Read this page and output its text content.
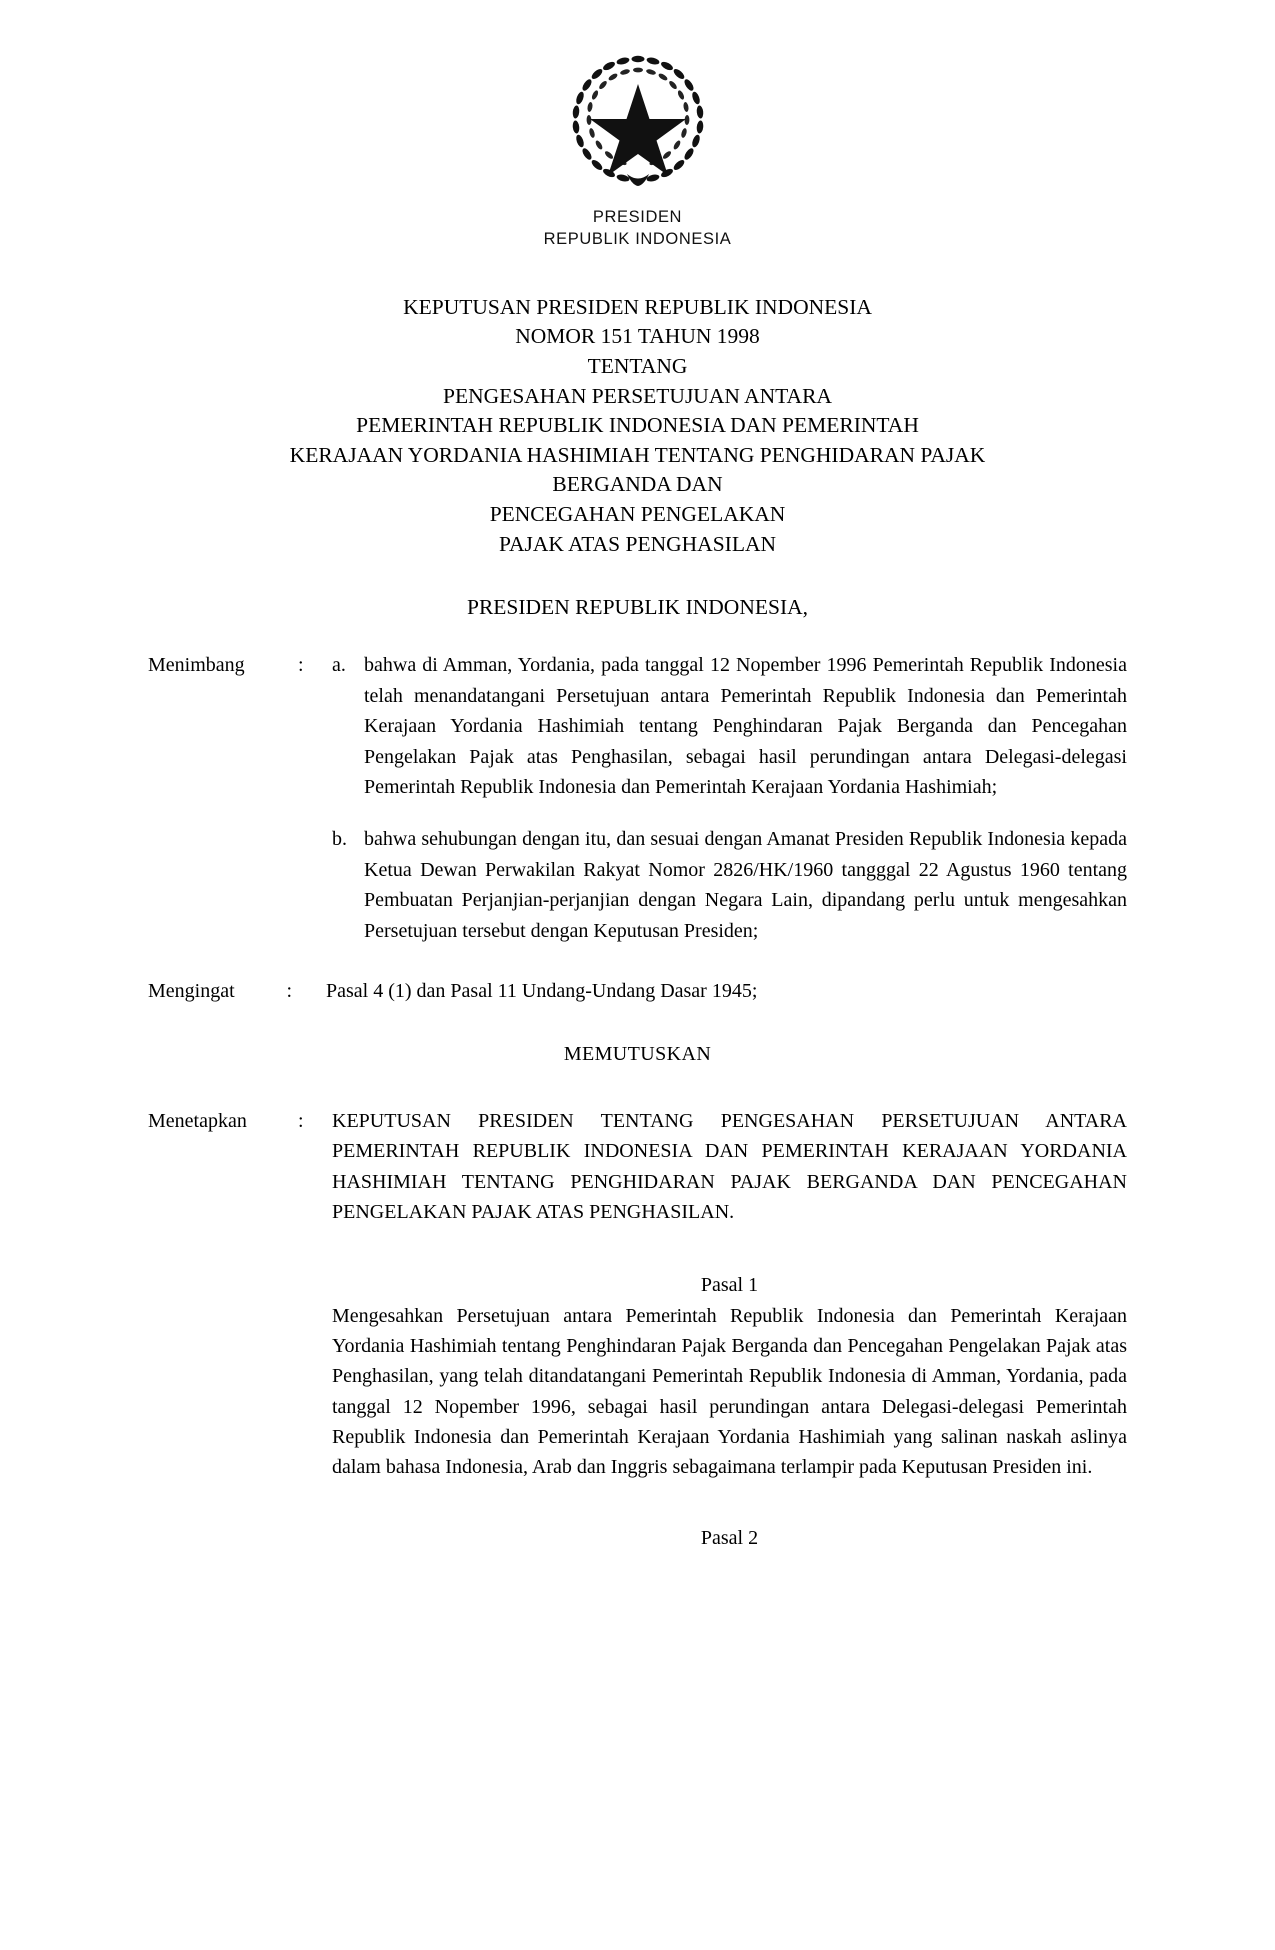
PRESIDEN
REPUBLIK INDONESIA
KEPUTUSAN PRESIDEN REPUBLIK INDONESIA
NOMOR 151 TAHUN 1998
TENTANG
PENGESAHAN PERSETUJUAN ANTARA
PEMERINTAH REPUBLIK INDONESIA DAN PEMERINTAH
KERAJAAN YORDANIA HASHIMIAH TENTANG PENGHIDARAN PAJAK
BERGANDA DAN
PENCEGAHAN PENGELAKAN
PAJAK ATAS PENGHASILAN
PRESIDEN REPUBLIK INDONESIA,
Menimbang	:	a. bahwa di Amman, Yordania, pada tanggal 12 Nopember 1996 Pemerintah Republik Indonesia telah menandatangani Persetujuan antara Pemerintah Republik Indonesia dan Pemerintah Kerajaan Yordania Hashimiah tentang Penghindaran Pajak Berganda dan Pencegahan Pengelakan Pajak atas Penghasilan, sebagai hasil perundingan antara Delegasi-delegasi Pemerintah Republik Indonesia dan Pemerintah Kerajaan Yordania Hashimiah;
b. bahwa sehubungan dengan itu, dan sesuai dengan Amanat Presiden Republik Indonesia kepada Ketua Dewan Perwakilan Rakyat Nomor 2826/HK/1960 tangggal 22 Agustus 1960 tentang Pembuatan Perjanjian-perjanjian dengan Negara Lain, dipandang perlu untuk mengesahkan Persetujuan tersebut dengan Keputusan Presiden;
Mengingat	:	Pasal 4 (1) dan Pasal 11 Undang-Undang Dasar 1945;
MEMUTUSKAN
Menetapkan	:	KEPUTUSAN PRESIDEN TENTANG PENGESAHAN PERSETUJUAN ANTARA PEMERINTAH REPUBLIK INDONESIA DAN PEMERINTAH KERAJAAN YORDANIA HASHIMIAH TENTANG PENGHIDARAN PAJAK BERGANDA DAN PENCEGAHAN PENGELAKAN PAJAK ATAS PENGHASILAN.
Pasal 1
Mengesahkan Persetujuan antara Pemerintah Republik Indonesia dan Pemerintah Kerajaan Yordania Hashimiah tentang Penghindaran Pajak Berganda dan Pencegahan Pengelakan Pajak atas Penghasilan, yang telah ditandatangani Pemerintah Republik Indonesia di Amman, Yordania, pada tanggal 12 Nopember 1996, sebagai hasil perundingan antara Delegasi-delegasi Pemerintah Republik Indonesia dan Pemerintah Kerajaan Yordania Hashimiah yang salinan naskah aslinya dalam bahasa Indonesia, Arab dan Inggris sebagaimana terlampir pada Keputusan Presiden ini.
Pasal 2
